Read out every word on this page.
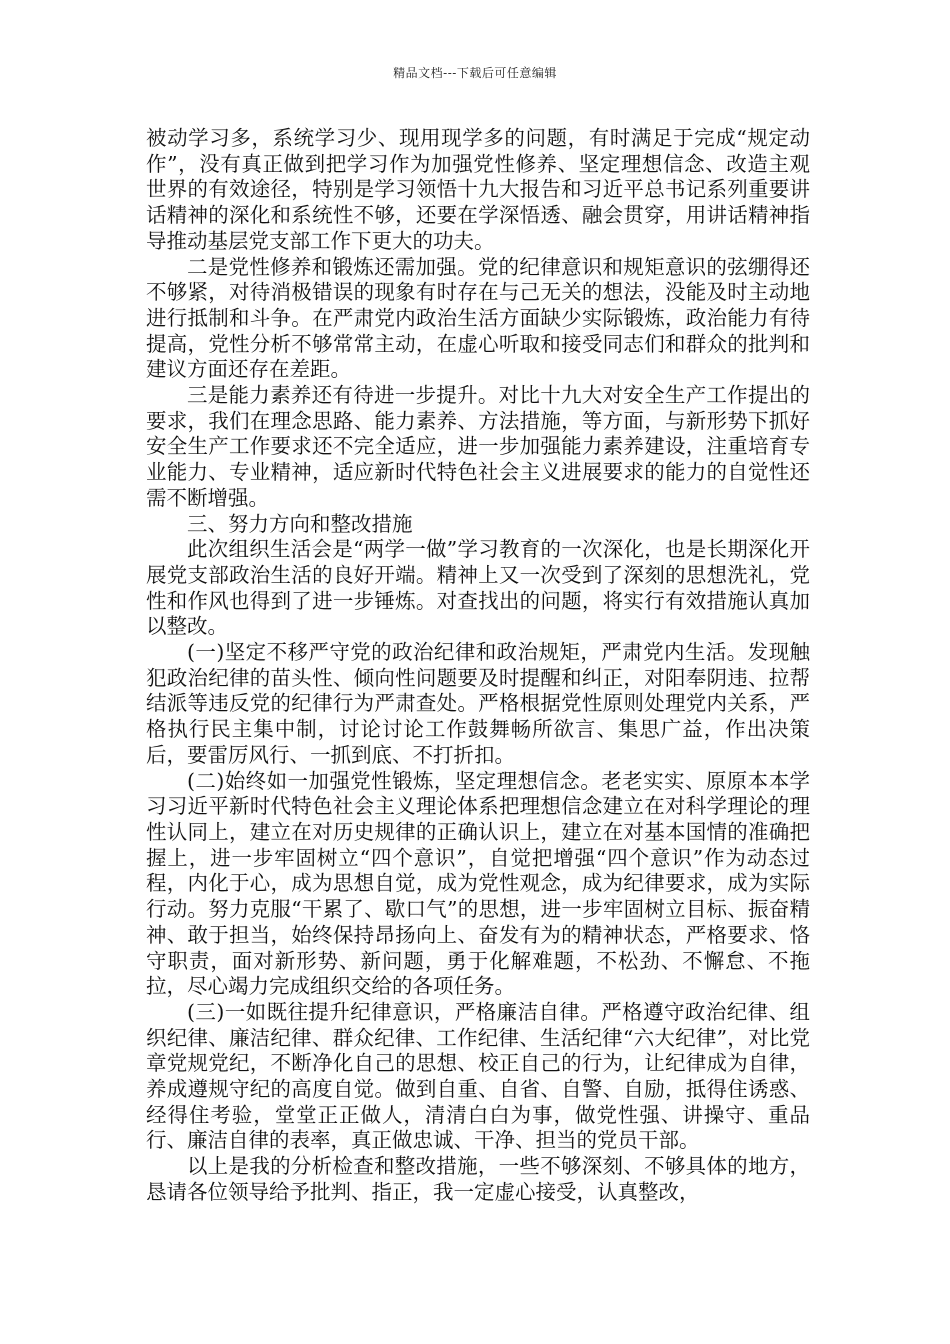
精品文档---下载后可任意编辑

被动学习多，系统学习少、现用现学多的问题，有时满足于完成“规定动作”，没有真正做到把学习作为加强党性修养、坚定理想信念、改造主观世界的有效途径，特别是学习领悟十九大报告和习近平总书记系列重要讲话精神的深化和系统性不够，还要在学深悟透、融会贯穿，用讲话精神指导推动基层党支部工作下更大的功夫。

二是党性修养和锻炼还需加强。党的纪律意识和规矩意识的弦绷得还不够紧，对待消极错误的现象有时存在与己无关的想法，没能及时主动地进行抵制和斗争。在严肃党内政治生活方面缺少实际锻炼，政治能力有待提高，党性分析不够常常主动，在虚心听取和接受同志们和群众的批判和建议方面还存在差距。

三是能力素养还有待进一步提升。对比十九大对安全生产工作提出的要求，我们在理念思路、能力素养、方法措施，等方面，与新形势下抓好安全生产工作要求还不完全适应，进一步加强能力素养建设，注重培育专业能力、专业精神，适应新时代特色社会主义进展要求的能力的自觉性还需不断增强。

三、努力方向和整改措施

此次组织生活会是“两学一做”学习教育的一次深化，也是长期深化开展党支部政治生活的良好开端。精神上又一次受到了深刻的思想洗礼，党性和作风也得到了进一步锤炼。对查找出的问题，将实行有效措施认真加以整改。

(一)坚定不移严守党的政治纪律和政治规矩，严肃党内生活。发现触犯政治纪律的苗头性、倾向性问题要及时提醒和纠正，对阳奉阴违、拉帮结派等违反党的纪律行为严肃查处。严格根据党性原则处理党内关系，严格执行民主集中制，讨论讨论工作鼓舞畅所欲言、集思广益，作出决策后，要雷厉风行、一抓到底、不打折扣。

(二)始终如一加强党性锻炼，坚定理想信念。老老实实、原原本本学习习近平新时代特色社会主义理论体系把理想信念建立在对科学理论的理性认同上，建立在对历史规律的正确认识上，建立在对基本国情的准确把握上，进一步牢固树立“四个意识”，自觉把增强“四个意识”作为动态过程，内化于心，成为思想自觉，成为党性观念，成为纪律要求，成为实际行动。努力克服“干累了、歇口气”的思想，进一步牢固树立目标、振奋精神、敢于担当，始终保持昂扬向上、奋发有为的精神状态，严格要求、恪守职责，面对新形势、新问题，勇于化解难题，不松劲、不懈怠、不拖拉，尽心竭力完成组织交给的各项任务。

(三)一如既往提升纪律意识，严格廉洁自律。严格遵守政治纪律、组织纪律、廉洁纪律、群众纪律、工作纪律、生活纪律“六大纪律”，对比党章党规党纪，不断净化自己的思想、校正自己的行为，让纪律成为自律，养成遵规守纪的高度自觉。做到自重、自省、自警、自励，抵得住诱惑、经得住考验，堂堂正正做人，清清白白为事，做党性强、讲操守、重品行、廉洁自律的表率，真正做忠诚、干净、担当的党员干部。

以上是我的分析检查和整改措施，一些不够深刻、不够具体的地方，恳请各位领导给予批判、指正，我一定虚心接受，认真整改，
